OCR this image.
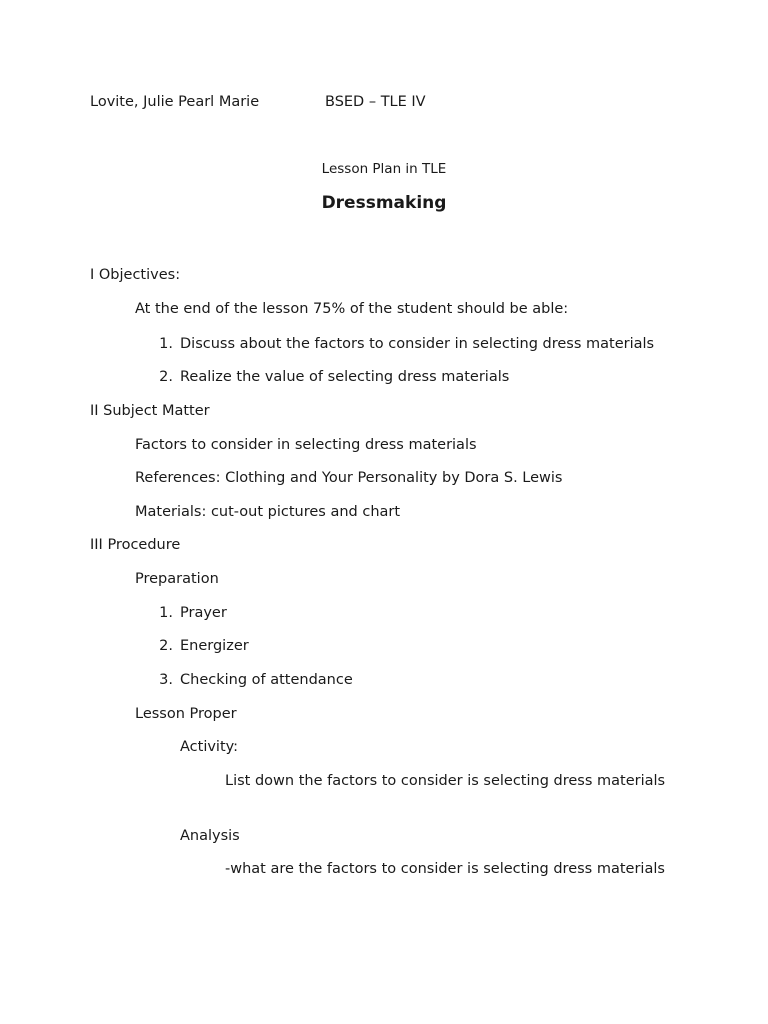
Lovite, Julie Pearl Marie	BSED – TLE IV
Lesson Plan in TLE
Dressmaking
I Objectives:
At the end of the lesson 75% of the student should be able:
1. Discuss about the factors to consider in selecting dress materials
2. Realize the value of selecting dress materials
II Subject Matter
Factors to consider in selecting dress materials
References: Clothing and Your Personality by Dora S. Lewis
Materials: cut-out pictures and chart
III Procedure
Preparation
1. Prayer
2. Energizer
3. Checking of attendance
Lesson Proper
Activity:
List down the factors to consider is selecting dress materials
Analysis
-what are the factors to consider is selecting dress materials
